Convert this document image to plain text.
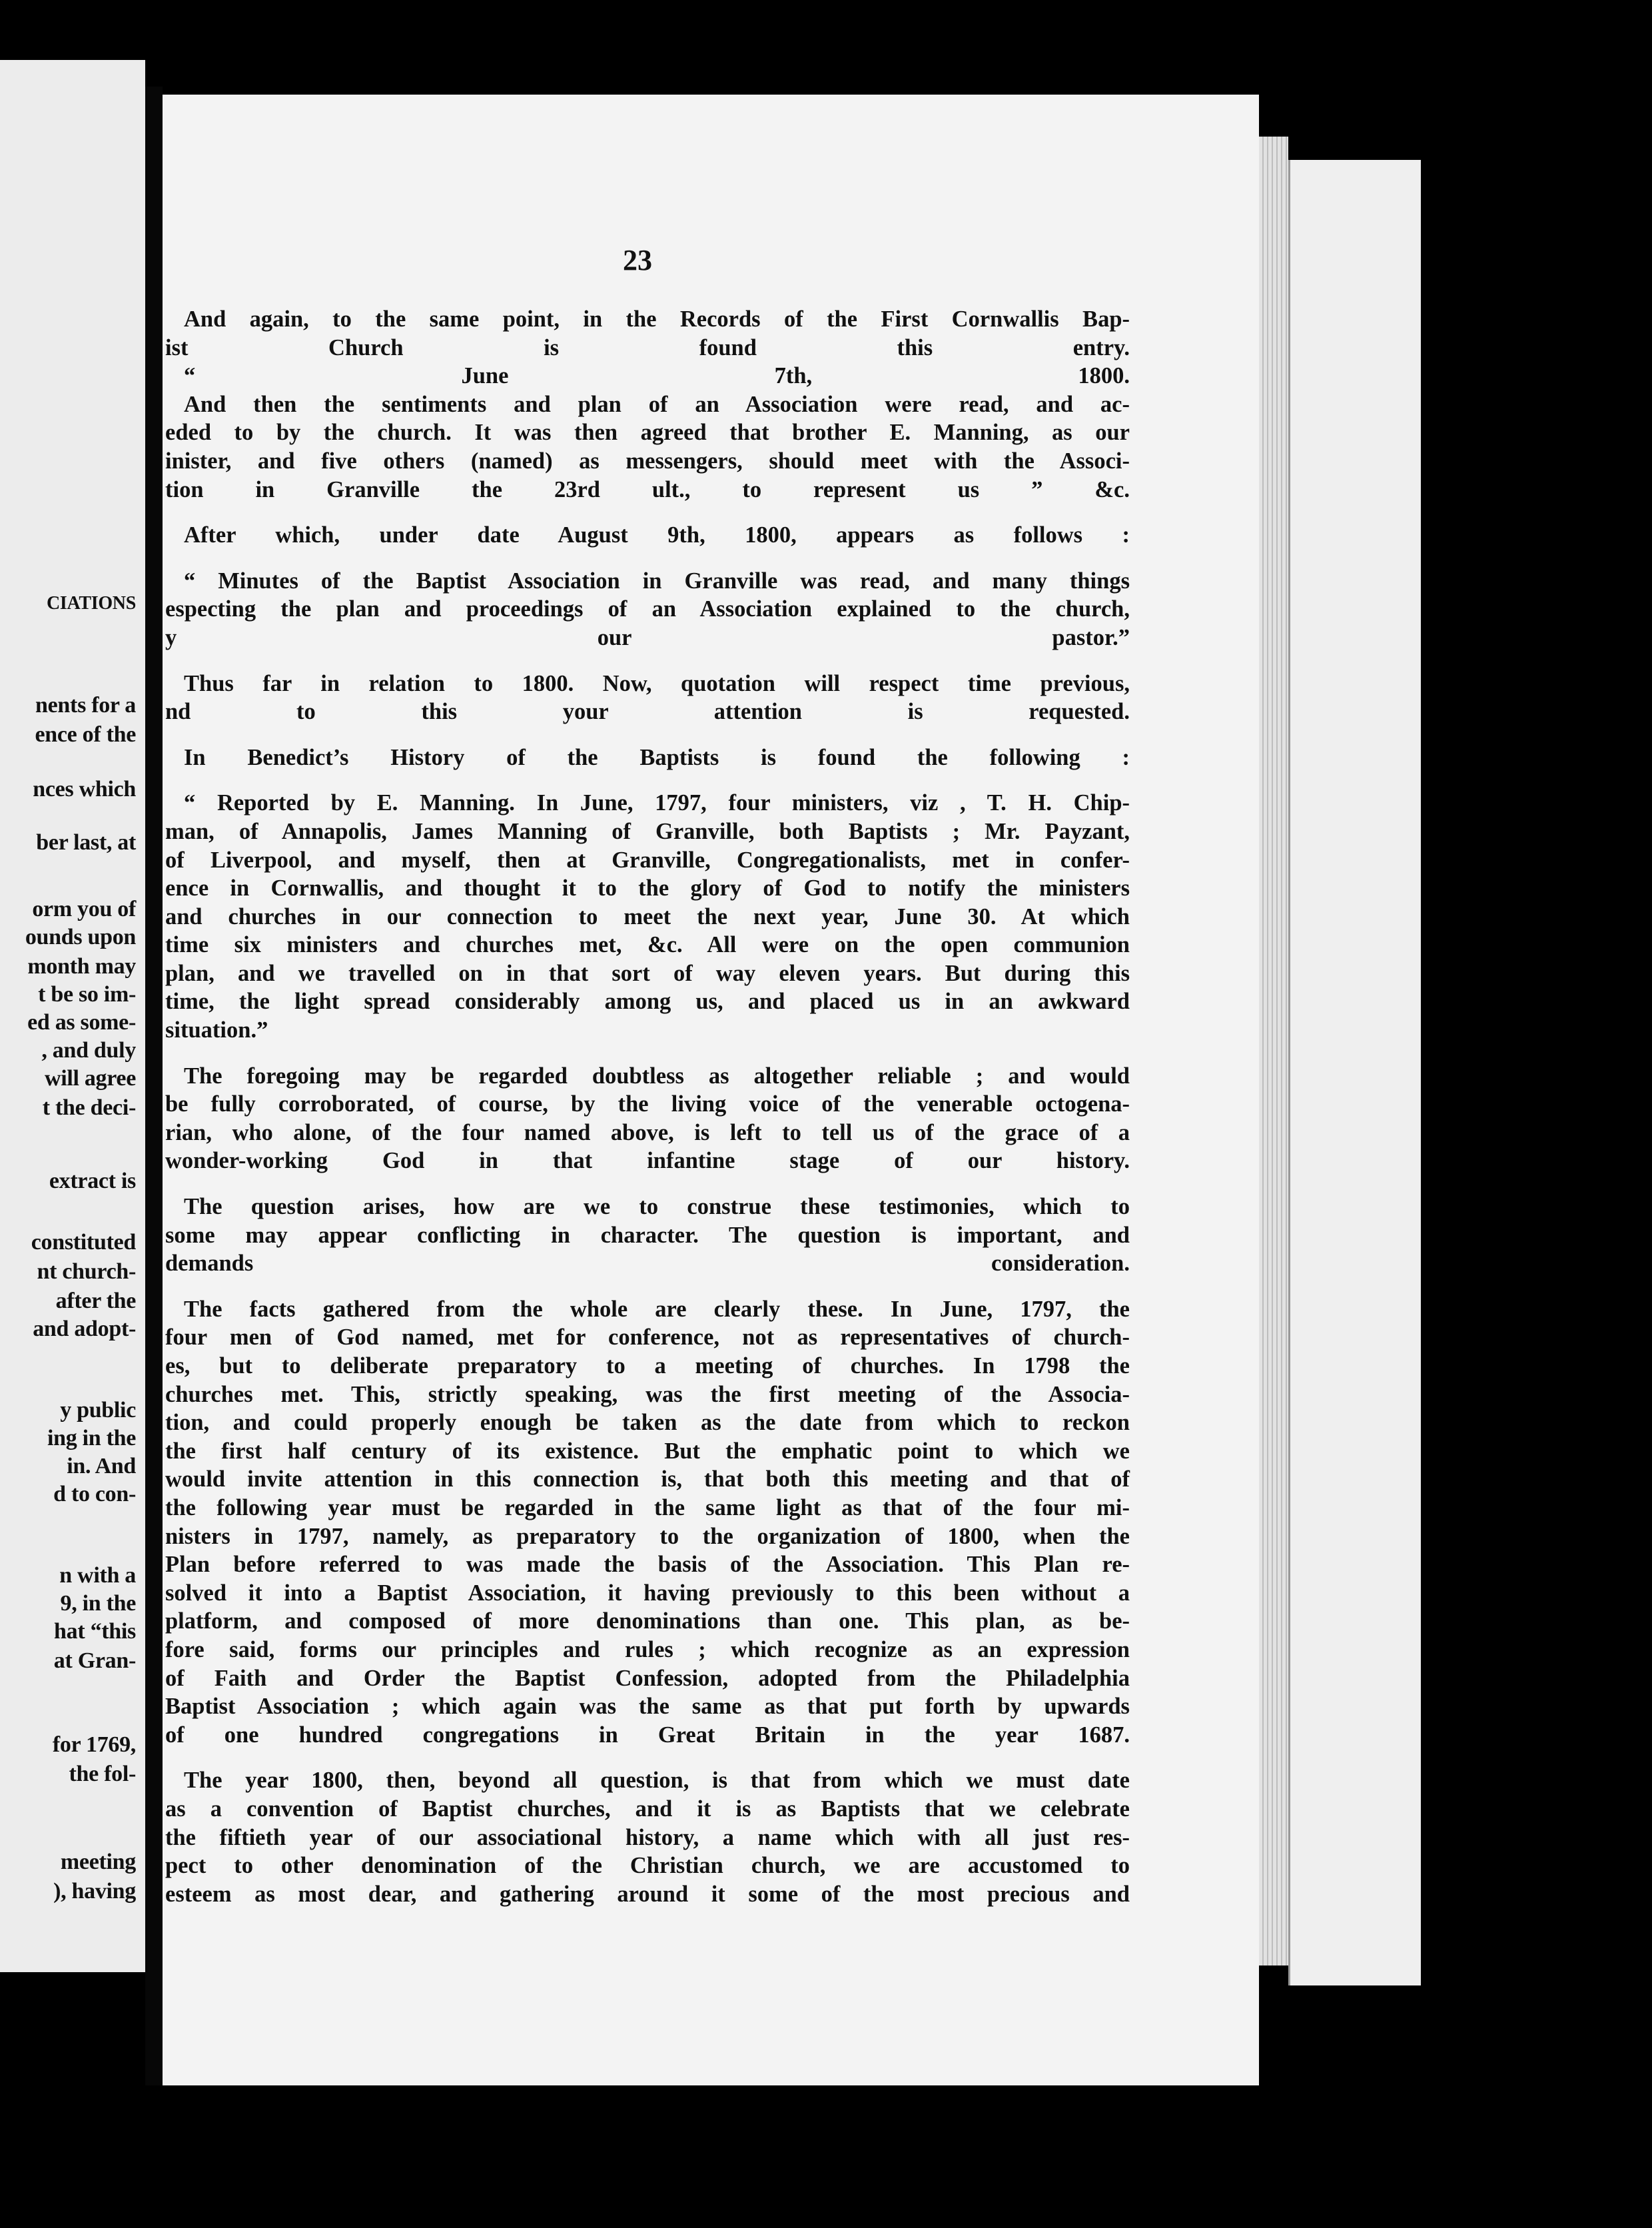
CIATIONS
nents for a
ence of the
nces which
ber last, at
orm you of
ounds upon
month may
t be so im-
ed as some-
, and duly
will agree
t the deci-
extract is
constituted
nt church-
after the
and adopt-
y public
ing in the
in. And
d to con-
n with a
9, in the
hat “this
at Gran-
for 1769,
the fol-
meeting
), having
23
And again, to the same point, in the Records of the First Cornwallis Bap-
ist Church is found this entry.
“ June 7th, 1800.
And then the sentiments and plan of an Association were read, and ac-
eded to by the church. It was then agreed that brother E. Manning, as our
inister, and five others (named) as messengers, should meet with the Associ-
tion in Granville the 23rd ult., to represent us ” &c.
After which, under date August 9th, 1800, appears as follows :
“ Minutes of the Baptist Association in Granville was read, and many things
especting the plan and proceedings of an Association explained to the church,
y our pastor.”
Thus far in relation to 1800. Now, quotation will respect time previous,
nd to this your attention is requested.
In Benedict’s History of the Baptists is found the following :
“ Reported by E. Manning. In June, 1797, four ministers, viz , T. H. Chip-
man, of Annapolis, James Manning of Granville, both Baptists ; Mr. Payzant,
of Liverpool, and myself, then at Granville, Congregationalists, met in confer-
ence in Cornwallis, and thought it to the glory of God to notify the ministers
and churches in our connection to meet the next year, June 30. At which
time six ministers and churches met, &c. All were on the open communion
plan, and we travelled on in that sort of way eleven years. But during this
time, the light spread considerably among us, and placed us in an awkward
situation.”
The foregoing may be regarded doubtless as altogether reliable ; and would
be fully corroborated, of course, by the living voice of the venerable octogena-
rian, who alone, of the four named above, is left to tell us of the grace of a
wonder-working God in that infantine stage of our history.
The question arises, how are we to construe these testimonies, which to
some may appear conflicting in character. The question is important, and
demands consideration.
The facts gathered from the whole are clearly these. In June, 1797, the
four men of God named, met for conference, not as representatives of church-
es, but to deliberate preparatory to a meeting of churches. In 1798 the
churches met. This, strictly speaking, was the first meeting of the Associa-
tion, and could properly enough be taken as the date from which to reckon
the first half century of its existence. But the emphatic point to which we
would invite attention in this connection is, that both this meeting and that of
the following year must be regarded in the same light as that of the four mi-
nisters in 1797, namely, as preparatory to the organization of 1800, when the
Plan before referred to was made the basis of the Association. This Plan re-
solved it into a Baptist Association, it having previously to this been without a
platform, and composed of more denominations than one. This plan, as be-
fore said, forms our principles and rules ; which recognize as an expression
of Faith and Order the Baptist Confession, adopted from the Philadelphia
Baptist Association ; which again was the same as that put forth by upwards
of one hundred congregations in Great Britain in the year 1687.
The year 1800, then, beyond all question, is that from which we must date
as a convention of Baptist churches, and it is as Baptists that we celebrate
the fiftieth year of our associational history, a name which with all just res-
pect to other denomination of the Christian church, we are accustomed to
esteem as most dear, and gathering around it some of the most precious and
